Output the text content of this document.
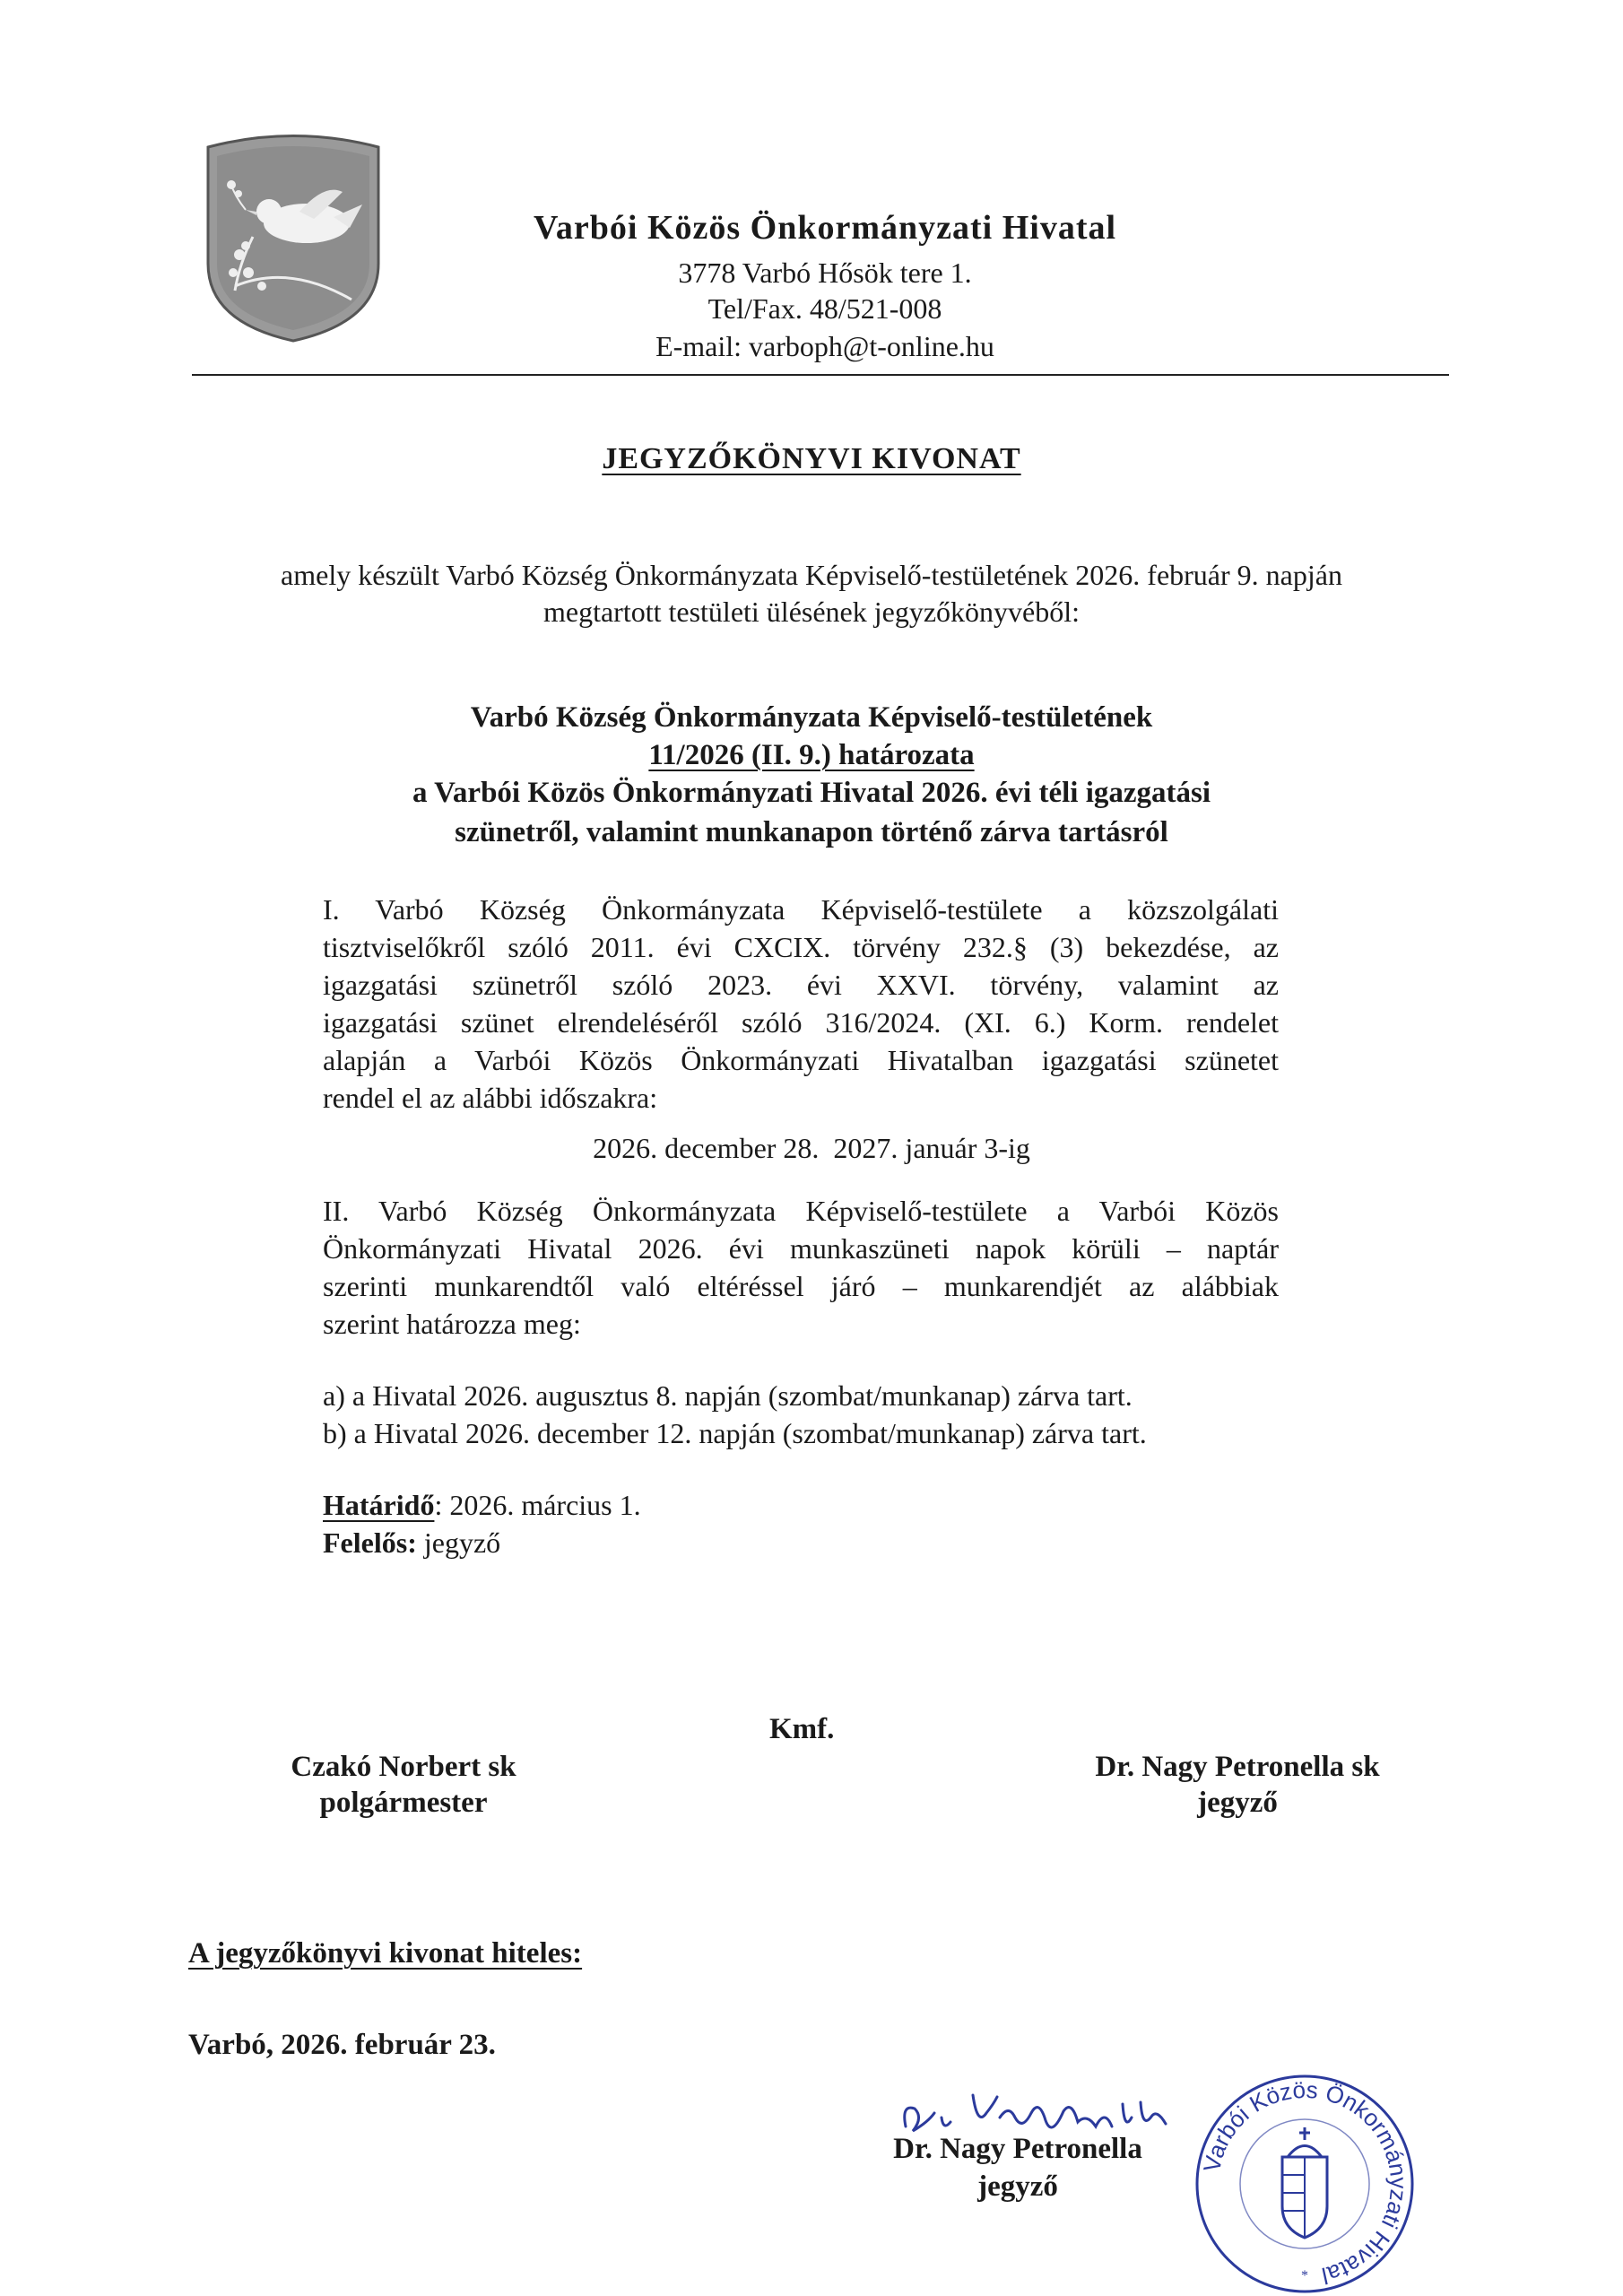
Varbói Közös Önkormányzati Hivatal
3778 Varbó Hősök tere 1.
Tel/Fax. 48/521-008
E-mail: varboph@t-online.hu
JEGYZŐKÖNYVI KIVONAT
amely készült Varbó Község Önkormányzata Képviselő-testületének 2026. február 9. napján
megtartott testületi ülésének jegyzőkönyvéből:
Varbó Község Önkormányzata Képviselő-testületének
11/2026 (II. 9.) határozata
a Varbói Közös Önkormányzati Hivatal 2026. évi téli igazgatási
szünetről, valamint munkanapon történő zárva tartásról
I. Varbó Község Önkormányzata Képviselő-testülete a közszolgálati
tisztviselőkről szóló 2011. évi CXCIX. törvény 232.§ (3) bekezdése, az
igazgatási szünetről szóló 2023. évi XXVI. törvény, valamint az
igazgatási szünet elrendeléséről szóló 316/2024. (XI. 6.) Korm. rendelet
alapján a Varbói Közös Önkormányzati Hivatalban igazgatási szünetet
rendel el az alábbi időszakra:
2026. december 28.  2027. január 3-ig
II. Varbó Község Önkormányzata Képviselő-testülete a Varbói Közös
Önkormányzati Hivatal 2026. évi munkaszüneti napok körüli – naptár
szerinti munkarendtől való eltéréssel járó – munkarendjét az alábbiak
szerint határozza meg:
a) a Hivatal 2026. augusztus 8. napján (szombat/munkanap) zárva tart.
b) a Hivatal 2026. december 12. napján (szombat/munkanap) zárva tart.
Határidő: 2026. március 1.
Felelős: jegyző
Kmf.
Czakó Norbert sk
polgármester
Dr. Nagy Petronella sk
jegyző
A jegyzőkönyvi kivonat hiteles:
Varbó, 2026. február 23.
Dr. Nagy Petronella
jegyző
Varbói Közös Önkormányzati Hivatal
*
